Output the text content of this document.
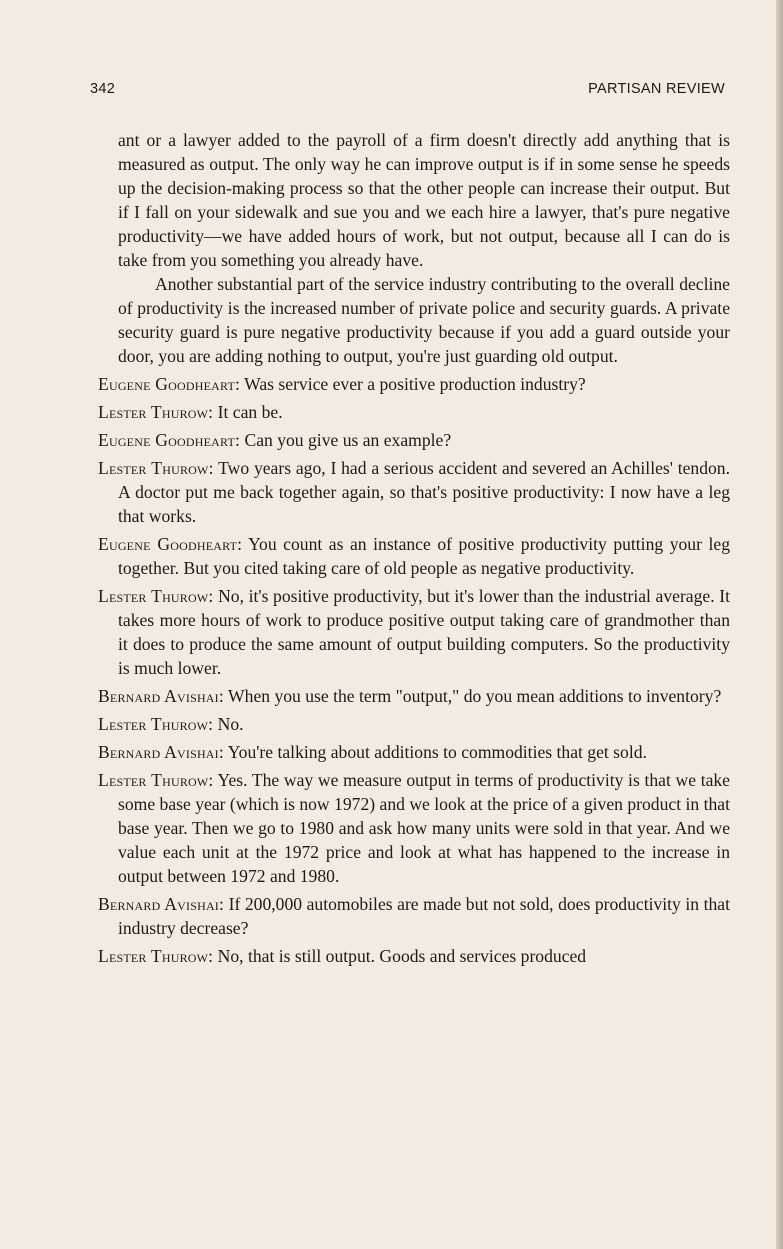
342	PARTISAN REVIEW

ant or a lawyer added to the payroll of a firm doesn't directly add anything that is measured as output. The only way he can improve output is if in some sense he speeds up the decision-making process so that the other people can increase their output. But if I fall on your sidewalk and sue you and we each hire a lawyer, that's pure negative productivity—we have added hours of work, but not output, because all I can do is take from you something you already have.

Another substantial part of the service industry contributing to the overall decline of productivity is the increased number of private police and security guards. A private security guard is pure negative productivity because if you add a guard outside your door, you are adding nothing to output, you're just guarding old output.

Eugene Goodheart: Was service ever a positive production industry?

Lester Thurow: It can be.

Eugene Goodheart: Can you give us an example?

Lester Thurow: Two years ago, I had a serious accident and severed an Achilles' tendon. A doctor put me back together again, so that's positive productivity: I now have a leg that works.

Eugene Goodheart: You count as an instance of positive productivity putting your leg together. But you cited taking care of old people as negative productivity.

Lester Thurow: No, it's positive productivity, but it's lower than the industrial average. It takes more hours of work to produce positive output taking care of grandmother than it does to produce the same amount of output building computers. So the productivity is much lower.

Bernard Avishai: When you use the term "output," do you mean additions to inventory?

Lester Thurow: No.

Bernard Avishai: You're talking about additions to commodities that get sold.

Lester Thurow: Yes. The way we measure output in terms of productivity is that we take some base year (which is now 1972) and we look at the price of a given product in that base year. Then we go to 1980 and ask how many units were sold in that year. And we value each unit at the 1972 price and look at what has happened to the increase in output between 1972 and 1980.

Bernard Avishai: If 200,000 automobiles are made but not sold, does productivity in that industry decrease?

Lester Thurow: No, that is still output. Goods and services produced
